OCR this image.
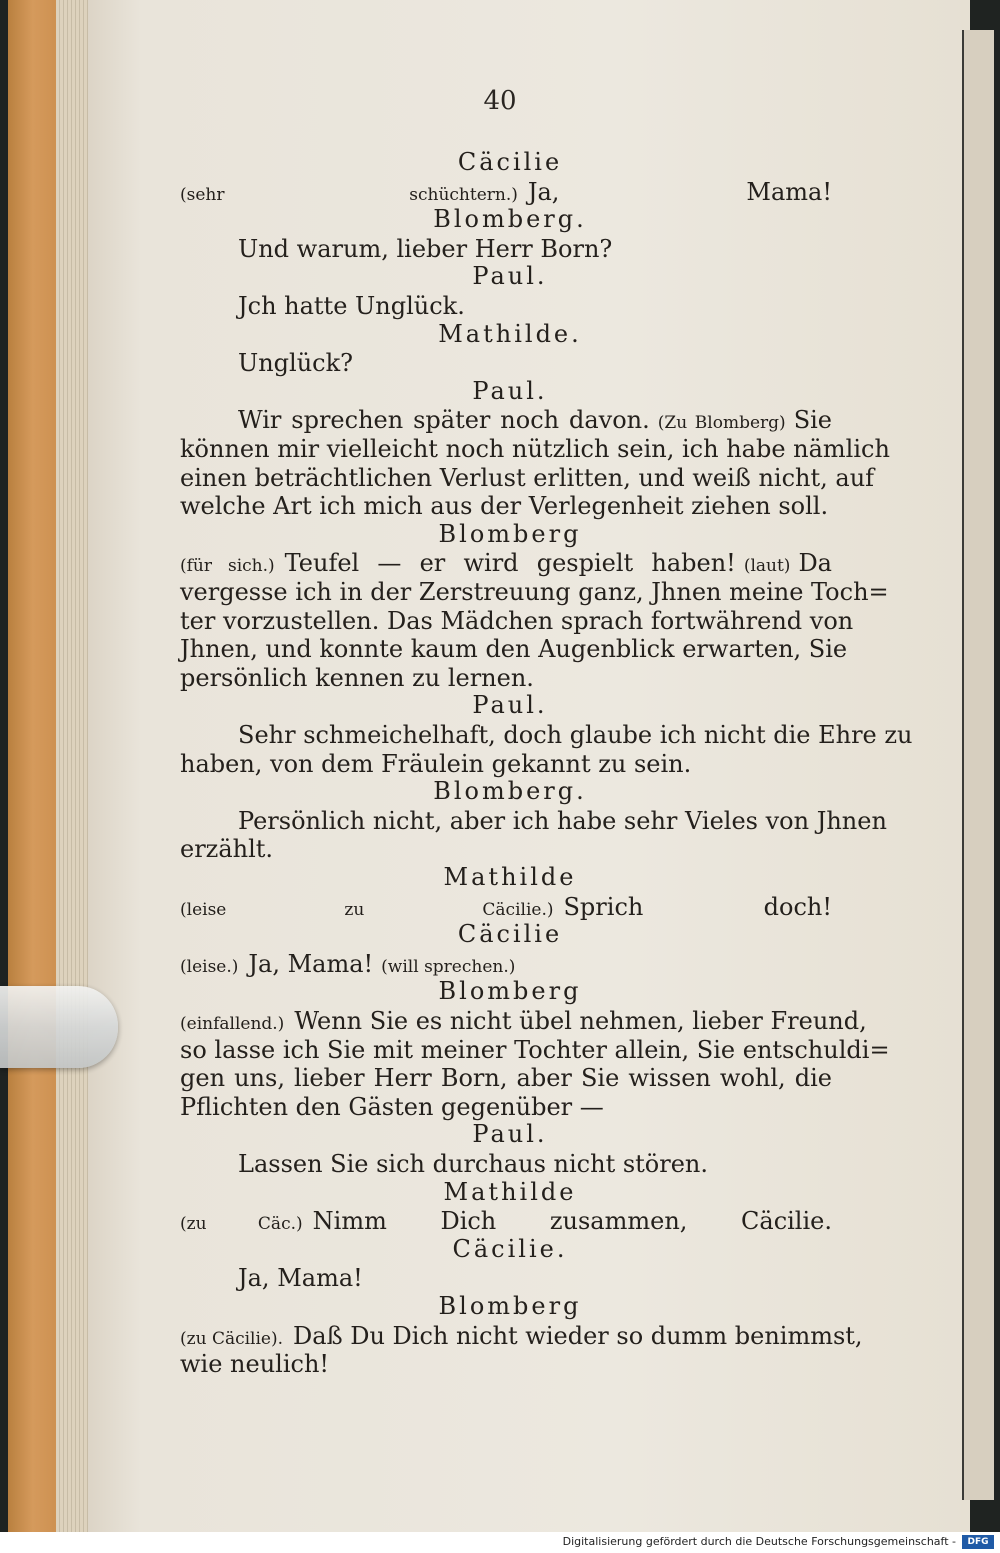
40
Cäcilie
(sehr schüchtern.) Ja, Mama!
Blomberg.
Und warum, lieber Herr Born?
Paul.
Jch hatte Unglück.
Mathilde.
Unglück?
Paul.
Wir sprechen später noch davon. (Zu Blomberg) Sie
können mir vielleicht noch nützlich sein, ich habe nämlich
einen beträchtlichen Verlust erlitten, und weiß nicht, auf
welche Art ich mich aus der Verlegenheit ziehen soll.
Blomberg
(für sich.) Teufel — er wird gespielt haben! (laut) Da
vergesse ich in der Zerstreuung ganz, Jhnen meine Toch=
ter vorzustellen. Das Mädchen sprach fortwährend von
Jhnen, und konnte kaum den Augenblick erwarten, Sie
persönlich kennen zu lernen.
Paul.
Sehr schmeichelhaft, doch glaube ich nicht die Ehre zu
haben, von dem Fräulein gekannt zu sein.
Blomberg.
Persönlich nicht, aber ich habe sehr Vieles von Jhnen
erzählt.
Mathilde
(leise zu Cäcilie.) Sprich doch!
Cäcilie
(leise.) Ja, Mama! (will sprechen.)
Blomberg
(einfallend.) Wenn Sie es nicht übel nehmen, lieber Freund,
so lasse ich Sie mit meiner Tochter allein, Sie entschuldi=
gen uns, lieber Herr Born, aber Sie wissen wohl, die
Pflichten den Gästen gegenüber —
Paul.
Lassen Sie sich durchaus nicht stören.
Mathilde
(zu Cäc.) Nimm Dich zusammen, Cäcilie.
Cäcilie.
Ja, Mama!
Blomberg
(zu Cäcilie). Daß Du Dich nicht wieder so dumm benimmst,
wie neulich!
Digitalisierung gefördert durch die Deutsche Forschungsgemeinschaft -	DFG
